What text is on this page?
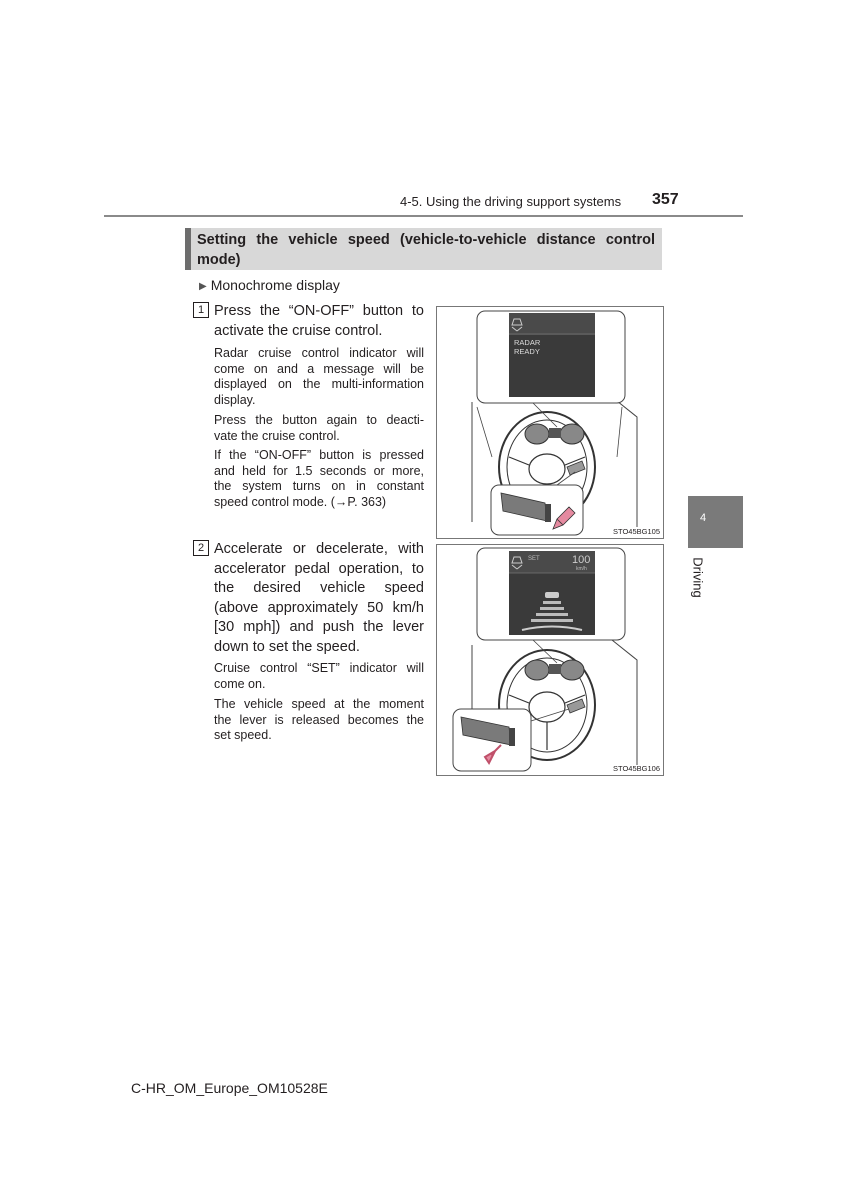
4-5. Using the driving support systems 357
4
Driving
Setting the vehicle speed (vehicle-to-vehicle distance control
mode)
▶ Monochrome display
1 Press the “ON-OFF” button to
activate the cruise control.
Radar cruise control indicator will
come on and a message will be
displayed on the multi-information
display.
Press the button again to deacti-
vate the cruise control.
If the “ON-OFF” button is pressed
and held for 1.5 seconds or more,
the system turns on in constant
speed control mode. (→P. 363)
RADAR
READY
STO45BG105
2 Accelerate or decelerate, with
accelerator pedal operation, to
the desired vehicle speed
(above approximately 50 km/h
[30 mph]) and push the lever
down to set the speed.
Cruise control “SET” indicator will
come on.
The vehicle speed at the moment
the lever is released becomes the
set speed.
SET	100
km/h
STO45BG106
C-HR_OM_Europe_OM10528E
